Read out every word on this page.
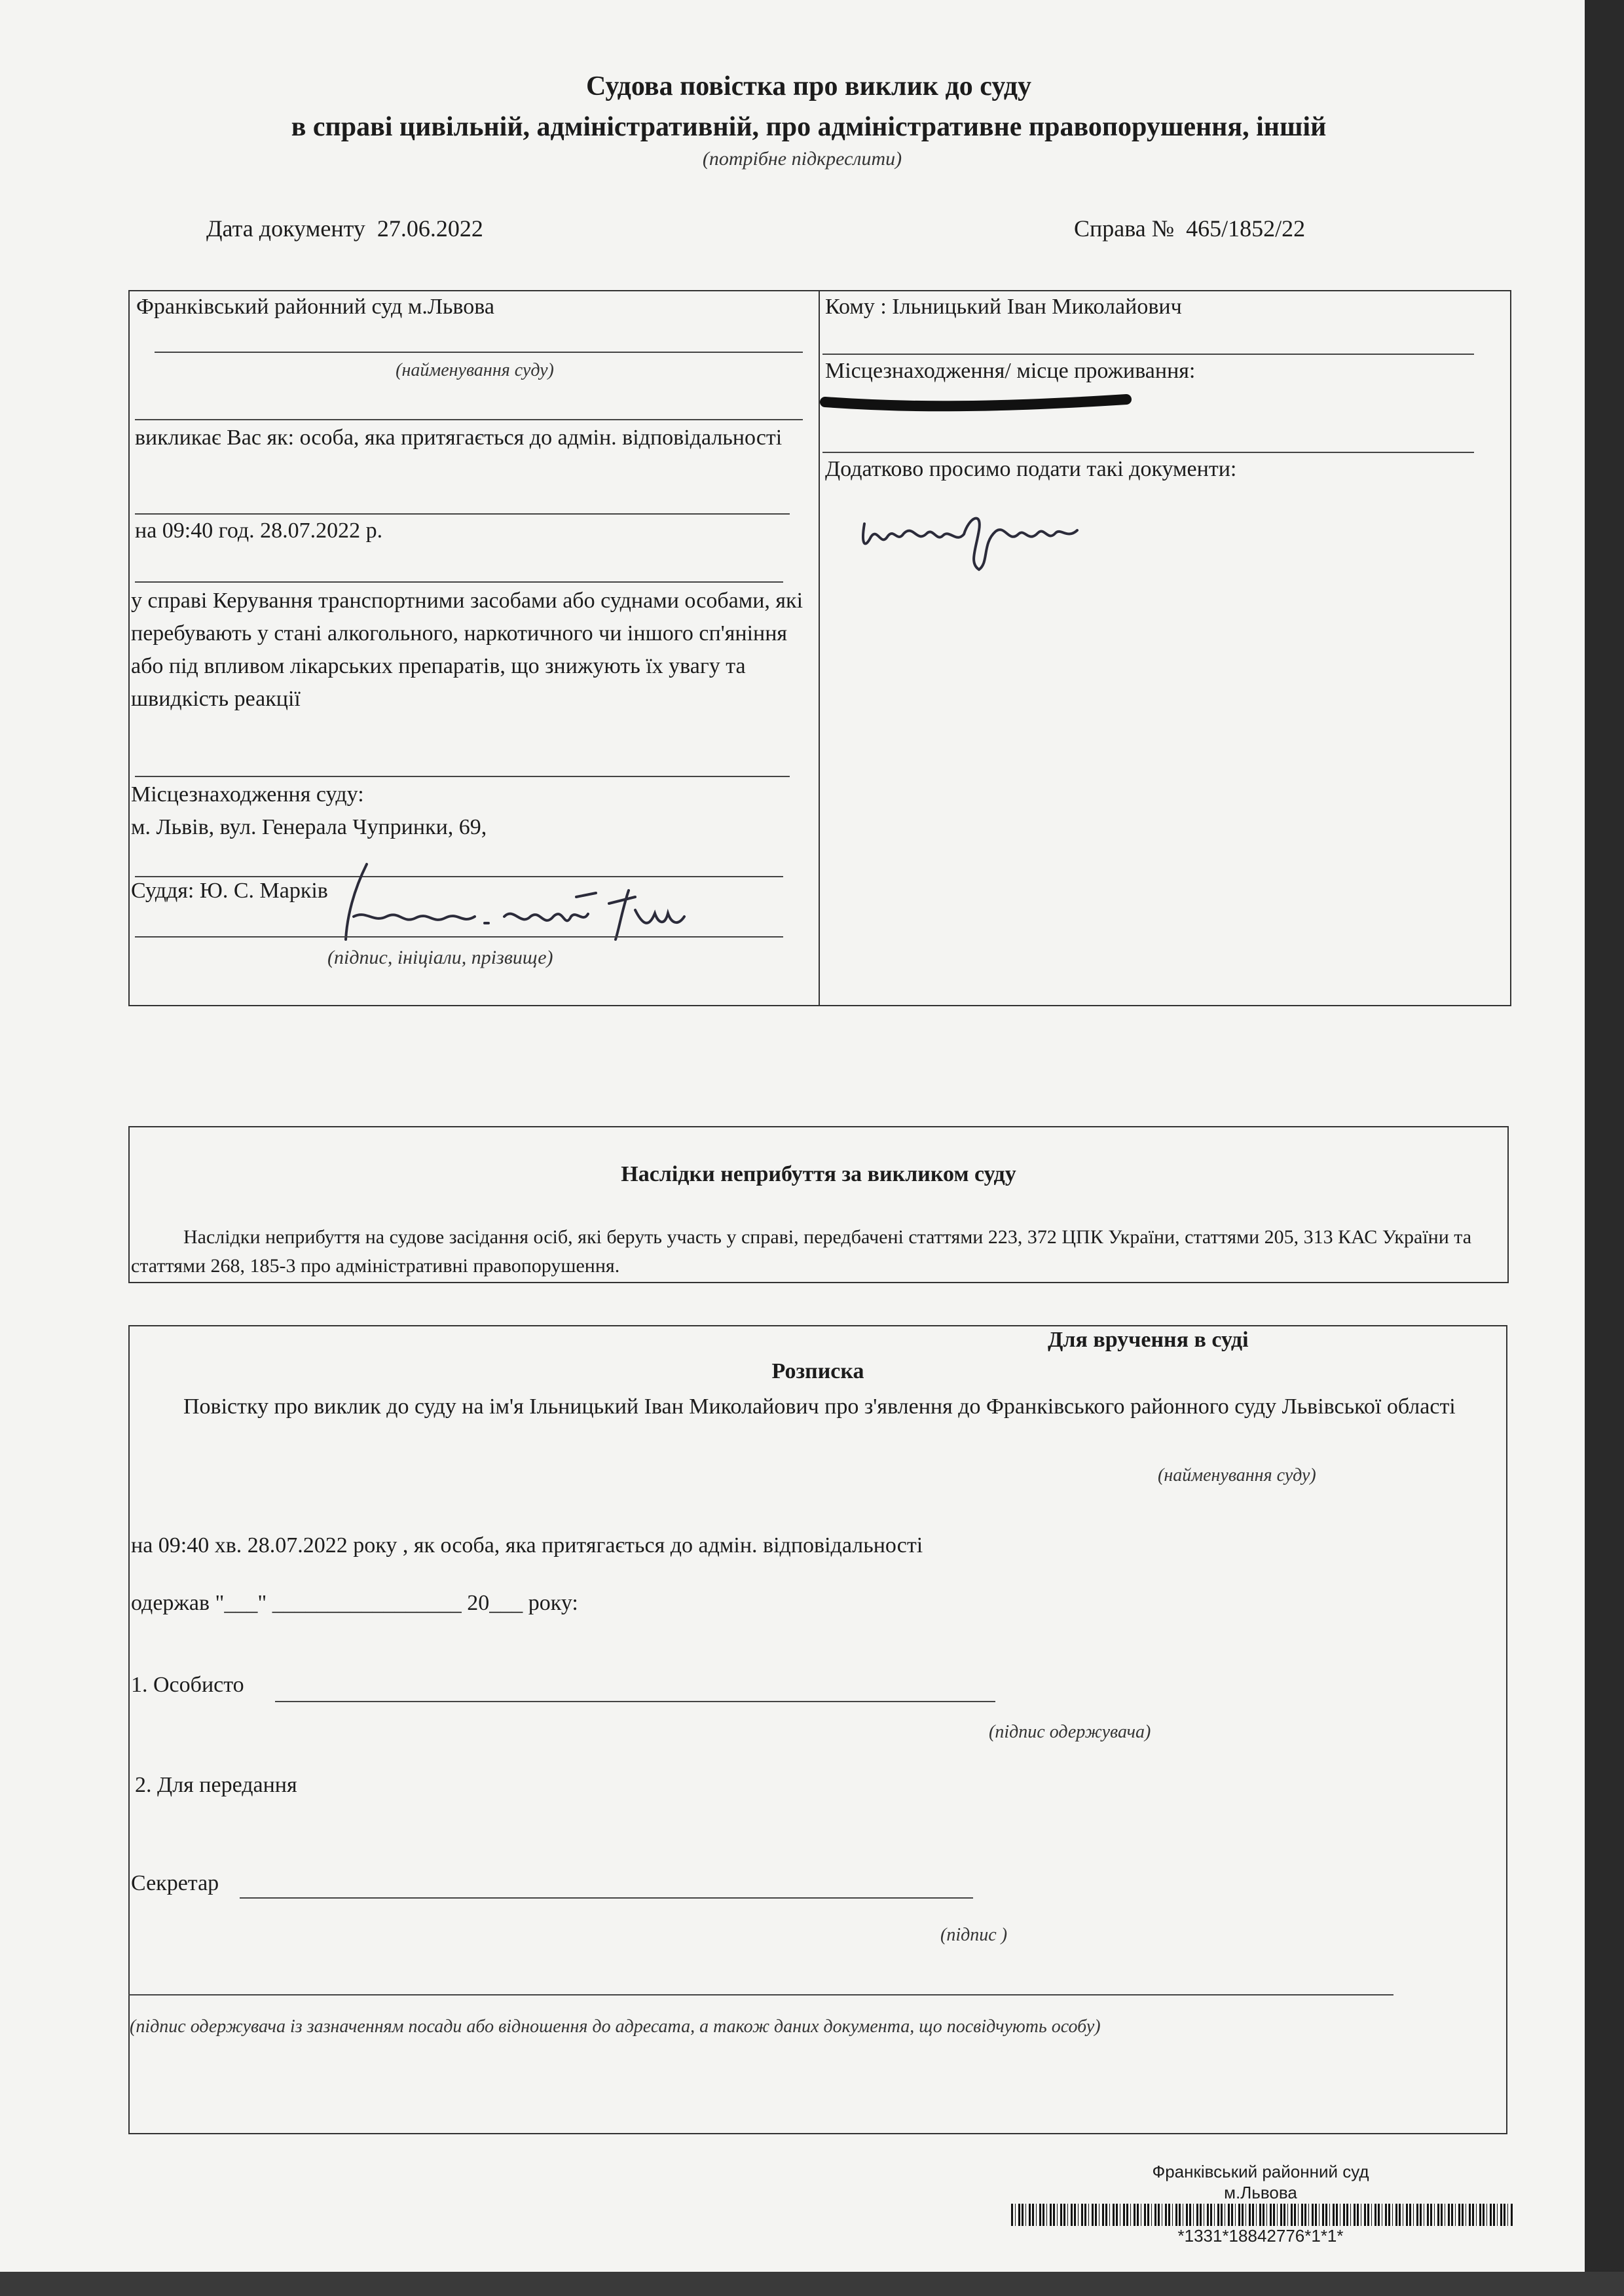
Судова повістка про виклик до суду
в справі цивільній, адміністративній, про адміністративне правопорушення, іншій
(потрібне підкреслити)
Дата документу 27.06.2022	Справа № 465/1852/22
Франківський районний суд м.Львова
(найменування суду)
викликає Вас як: особа, яка притягається до адмін. відповідальності
на 09:40 год. 28.07.2022 р.
у справі Керування транспортними засобами або суднами особами, які перебувають у стані алкогольного, наркотичного чи іншого сп'яніння або під впливом лікарських препаратів, що знижують їх увагу та швидкість реакції
Місцезнаходження суду:
м. Львів, вул. Генерала Чупринки, 69,
Суддя: Ю. С. Марків
(підпис, ініціали, прізвище)
Кому : Ільницький Іван Миколайович
Місцезнаходження/ місце проживання:
Додатково просимо подати такі документи:
Наслідки неприбуття за викликом суду
Наслідки неприбуття на судове засідання осіб, які беруть участь у справі, передбачені статтями 223, 372 ЦПК України, статтями 205, 313 КАС України та статтями 268, 185-3 про адміністративні правопорушення.
Для вручення в суді
Розписка
Повістку про виклик до суду на ім'я Ільницький Іван Миколайович про з'явлення до Франківського районного суду Львівської області
(найменування суду)
на 09:40 хв. 28.07.2022 року , як особа, яка притягається до адмін. відповідальності
одержав "___" _________________ 20___ року:
1. Особисто
(підпис одержувача)
2. Для передання
Секретар
(підпис )
(підпис одержувача із зазначенням посади або відношення до адресата, а також даних документа, що посвідчують особу)
Франківський районний суд
м.Львова
*1331*18842776*1*1*
